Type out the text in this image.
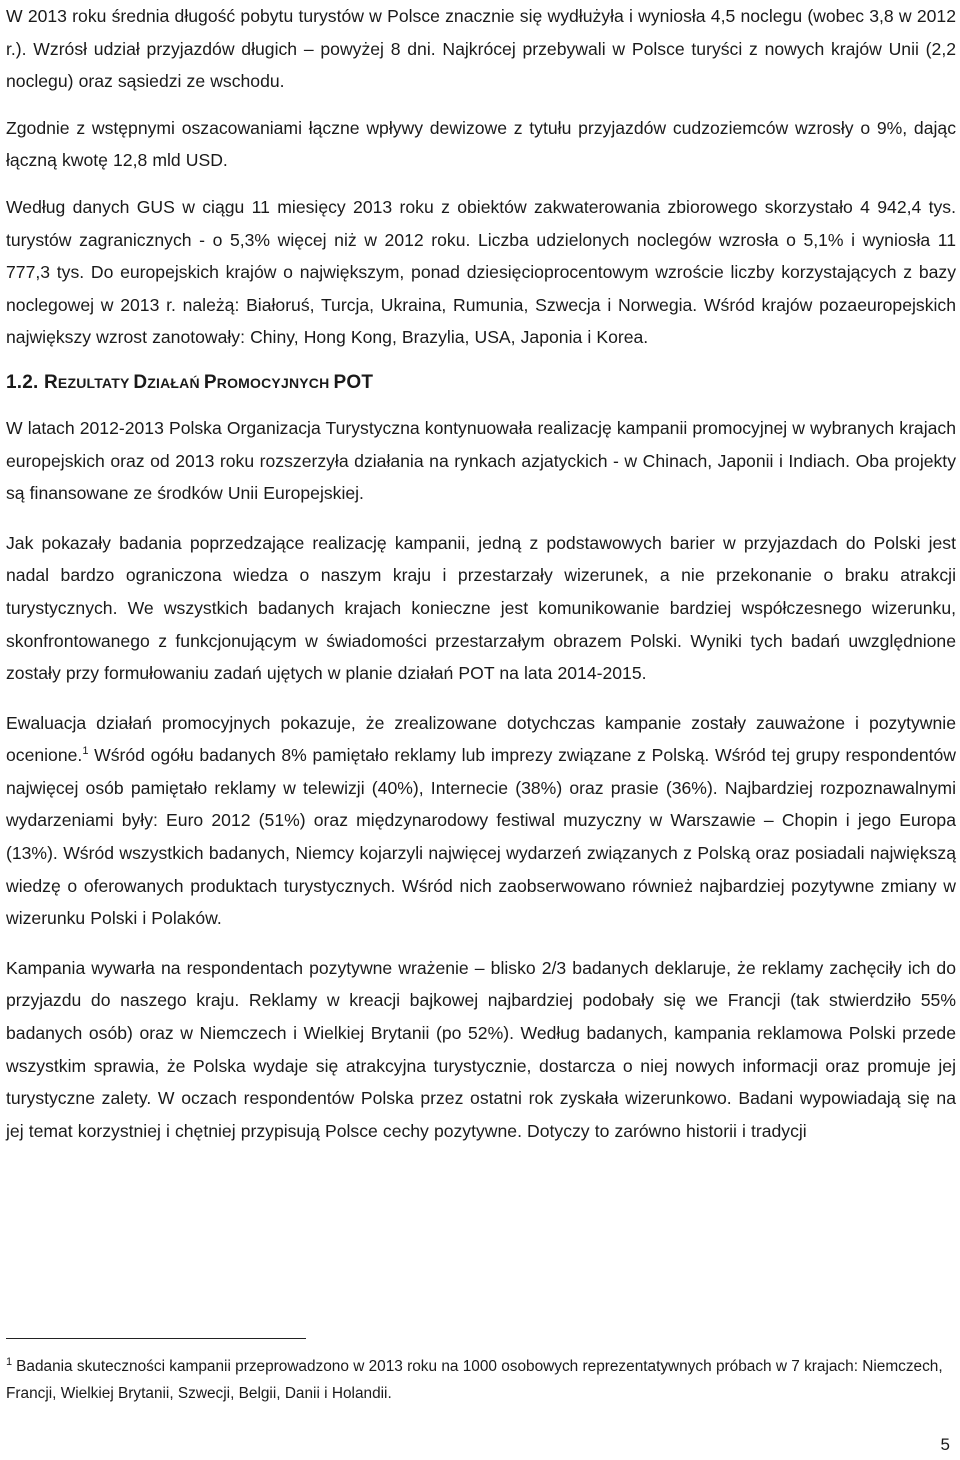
W 2013 roku średnia długość pobytu turystów w Polsce znacznie się wydłużyła i wyniosła 4,5 noclegu (wobec 3,8 w 2012 r.). Wzrósł udział przyjazdów długich – powyżej 8 dni. Najkrócej przebywali w Polsce turyści z nowych krajów Unii (2,2 noclegu) oraz sąsiedzi ze wschodu.

Zgodnie z wstępnymi oszacowaniami łączne wpływy dewizowe z tytułu przyjazdów cudzoziemców wzrosły o 9%, dając łączną kwotę 12,8 mld USD.

Według danych GUS w ciągu 11 miesięcy 2013 roku z obiektów zakwaterowania zbiorowego skorzystało 4 942,4 tys. turystów zagranicznych - o 5,3% więcej niż w 2012 roku. Liczba udzielonych noclegów wzrosła o 5,1% i wyniosła 11 777,3 tys. Do europejskich krajów o największym, ponad dziesięcioprocentowym wzroście liczby korzystających z bazy noclegowej w 2013 r. należą: Białoruś, Turcja, Ukraina, Rumunia, Szwecja i Norwegia. Wśród krajów pozaeuropejskich największy wzrost zanotowały: Chiny, Hong Kong, Brazylia, USA, Japonia i Korea.

1.2. REZULTATY DZIAŁAŃ PROMOCYJNYCH POT

W latach 2012-2013 Polska Organizacja Turystyczna kontynuowała realizację kampanii promocyjnej w wybranych krajach europejskich oraz od 2013 roku rozszerzyła działania na rynkach azjatyckich - w Chinach, Japonii i Indiach. Oba projekty są finansowane ze środków Unii Europejskiej.

Jak pokazały badania poprzedzające realizację kampanii, jedną z podstawowych barier w przyjazdach do Polski jest nadal bardzo ograniczona wiedza o naszym kraju i przestarzały wizerunek, a nie przekonanie o braku atrakcji turystycznych. We wszystkich badanych krajach konieczne jest komunikowanie bardziej współczesnego wizerunku, skonfrontowanego z funkcjonującym w świadomości przestarzałym obrazem Polski. Wyniki tych badań uwzględnione zostały przy formułowaniu zadań ujętych w planie działań POT na lata 2014-2015.

Ewaluacja działań promocyjnych pokazuje, że zrealizowane dotychczas kampanie zostały zauważone i pozytywnie ocenione.$^1$ Wśród ogółu badanych 8% pamiętało reklamy lub imprezy związane z Polską. Wśród tej grupy respondentów najwięcej osób pamiętało reklamy w telewizji (40%), Internecie (38%) oraz prasie (36%). Najbardziej rozpoznawalnymi wydarzeniami były: Euro 2012 (51%) oraz międzynarodowy festiwal muzyczny w Warszawie – Chopin i jego Europa (13%). Wśród wszystkich badanych, Niemcy kojarzyli najwięcej wydarzeń związanych z Polską oraz posiadali największą wiedzę o oferowanych produktach turystycznych. Wśród nich zaobserwowano również najbardziej pozytywne zmiany w wizerunku Polski i Polaków.

Kampania wywarła na respondentach pozytywne wrażenie – blisko 2/3 badanych deklaruje, że reklamy zachęciły ich do przyjazdu do naszego kraju. Reklamy w kreacji bajkowej najbardziej podobały się we Francji (tak stwierdziło 55% badanych osób) oraz w Niemczech i Wielkiej Brytanii (po 52%). Według badanych, kampania reklamowa Polski przede wszystkim sprawia, że Polska wydaje się atrakcyjna turystycznie, dostarcza o niej nowych informacji oraz promuje jej turystyczne zalety. W oczach respondentów Polska przez ostatni rok zyskała wizerunkowo. Badani wypowiadają się na jej temat korzystniej i chętniej przypisują Polsce cechy pozytywne. Dotyczy to zarówno historii i tradycji

$^1$ Badania skuteczności kampanii przeprowadzono w 2013 roku na 1000 osobowych reprezentatywnych próbach w 7 krajach: Niemczech, Francji, Wielkiej Brytanii, Szwecji, Belgii, Danii i Holandii.
5
